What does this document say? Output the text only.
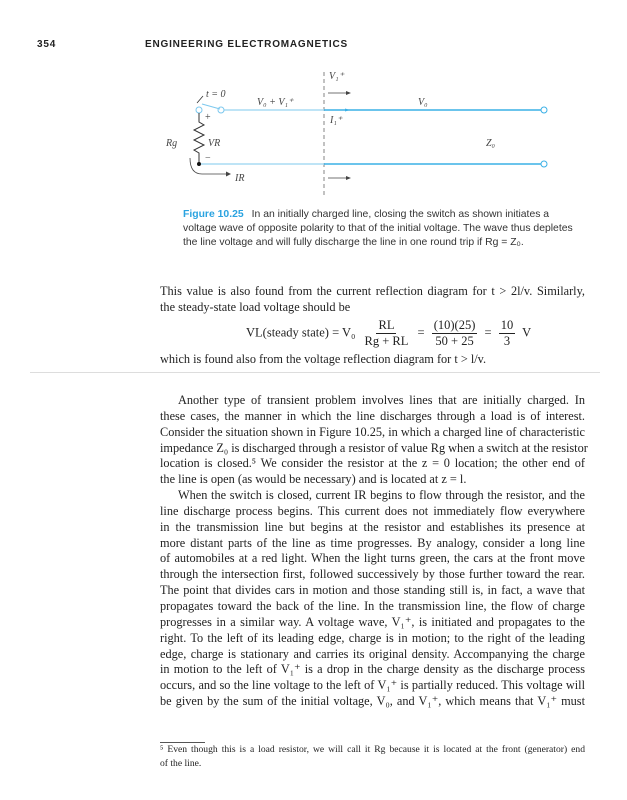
354	ENGINEERING ELECTROMAGNETICS
V₁⁺
t = 0
V₀ + V₁⁺	V₀
I₁⁺
Rg	VR	Z₀
IR
+
−
Figure 10.25 In an initially charged line, closing the switch as shown initiates a voltage wave of opposite polarity to that of the initial voltage. The wave thus depletes the line voltage and will fully discharge the line in one round trip if Rg = Z₀.
This value is also found from the current reflection diagram for t > 2l/v. Similarly,
the steady-state load voltage should be
VL(steady state) = $V_0 \frac{RL}{Rg + RL} = \frac{(10)(25)}{50 + 25} = \frac{10}{3}$ V
which is found also from the voltage reflection diagram for t > l/v.
Another type of transient problem involves lines that are initially charged. In
these cases, the manner in which the line discharges through a load is of interest.
Consider the situation shown in Figure 10.25, in which a charged line of characteristic
impedance Z₀ is discharged through a resistor of value Rg when a switch at the resistor
location is closed.⁵ We consider the resistor at the z = 0 location; the other end of
the line is open (as would be necessary) and is located at z = l.
When the switch is closed, current IR begins to flow through the resistor, and the
line discharge process begins. This current does not immediately flow everywhere
in the transmission line but begins at the resistor and establishes its presence at
more distant parts of the line as time progresses. By analogy, consider a long line
of automobiles at a red light. When the light turns green, the cars at the front move
through the intersection first, followed successively by those further toward the rear.
The point that divides cars in motion and those standing still is, in fact, a wave that
propagates toward the back of the line. In the transmission line, the flow of charge
progresses in a similar way. A voltage wave, V₁⁺, is initiated and propagates to the
right. To the left of its leading edge, charge is in motion; to the right of the leading
edge, charge is stationary and carries its original density. Accompanying the charge
in motion to the left of V₁⁺ is a drop in the charge density as the discharge process
occurs, and so the line voltage to the left of V₁⁺ is partially reduced. This voltage will
be given by the sum of the initial voltage, V₀, and V₁⁺, which means that V₁⁺ must
⁵ Even though this is a load resistor, we will call it Rg because it is located at the front (generator) end
of the line.
